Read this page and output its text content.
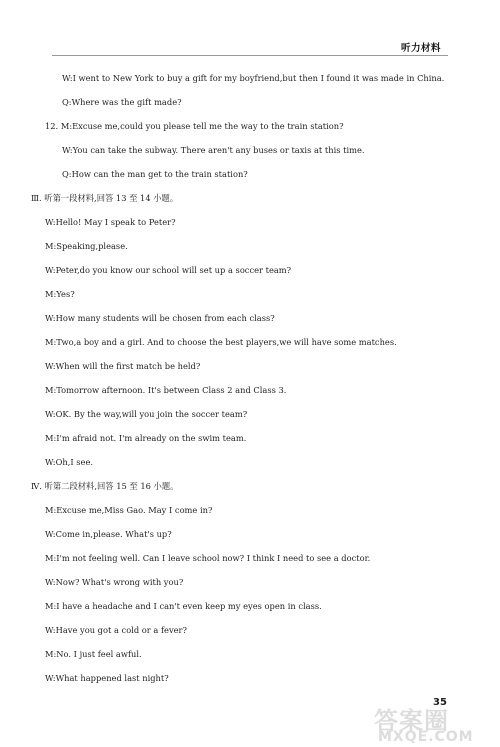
听力材料
W:I went to New York to buy a gift for my boyfriend,but then I found it was made in China.
Q:Where was the gift made?
12. M:Excuse me,could you please tell me the way to the train station?
W:You can take the subway. There aren't any buses or taxis at this time.
Q:How can the man get to the train station?
Ⅲ. 听第一段材料,回答 13 至 14 小题。
W:Hello! May I speak to Peter?
M:Speaking,please.
W:Peter,do you know our school will set up a soccer team?
M:Yes?
W:How many students will be chosen from each class?
M:Two,a boy and a girl. And to choose the best players,we will have some matches.
W:When will the first match be held?
M:Tomorrow afternoon. It's between Class 2 and Class 3.
W:OK. By the way,will you join the soccer team?
M:I'm afraid not. I'm already on the swim team.
W:Oh,I see.
Ⅳ. 听第二段材料,回答 15 至 16 小题。
M:Excuse me,Miss Gao. May I come in?
W:Come in,please. What's up?
M:I'm not feeling well. Can I leave school now? I think I need to see a doctor.
W:Now? What's wrong with you?
M:I have a headache and I can't even keep my eyes open in class.
W:Have you got a cold or a fever?
M:No. I just feel awful.
W:What happened last night?
35
答案圈
MXQE.COM
